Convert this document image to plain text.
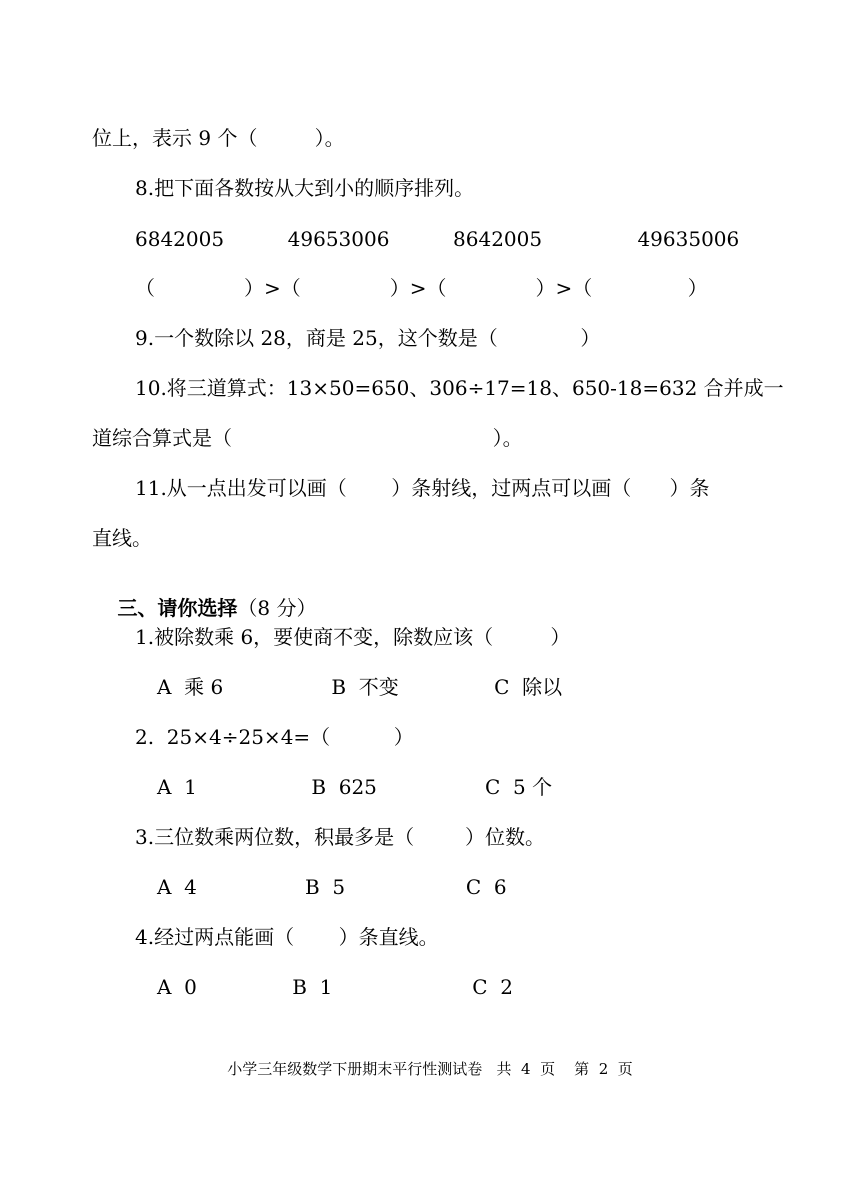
位上，表示 9 个（         ）。
8.把下面各数按从大到小的顺序排列。
6842005          49653006          8642005               49635006
（              ）>（              ）>（              ）>（               ）
9.一个数除以 28，商是 25，这个数是（             ）
10.将三道算式：13×50=650、306÷17=18、650-18=632 合并成一
道综合算式是（                                         ）。
11.从一点出发可以画（       ）条射线，过两点可以画（      ）条
直线。

三、请你选择（8 分）

1.被除数乘 6，要使商不变，除数应该（         ）
A  乘 6                 B  不变               C  除以
2.  25×4÷25×4=（          ）
A  1                  B  625                 C  5 个
3.三位数乘两位数，积最多是（        ）位数。
A  4                 B  5                   C  6
4.经过两点能画（       ）条直线。
A  0               B  1                      C  2
小学三年级数学下册期末平行性测试卷   共  4  页    第  2  页
